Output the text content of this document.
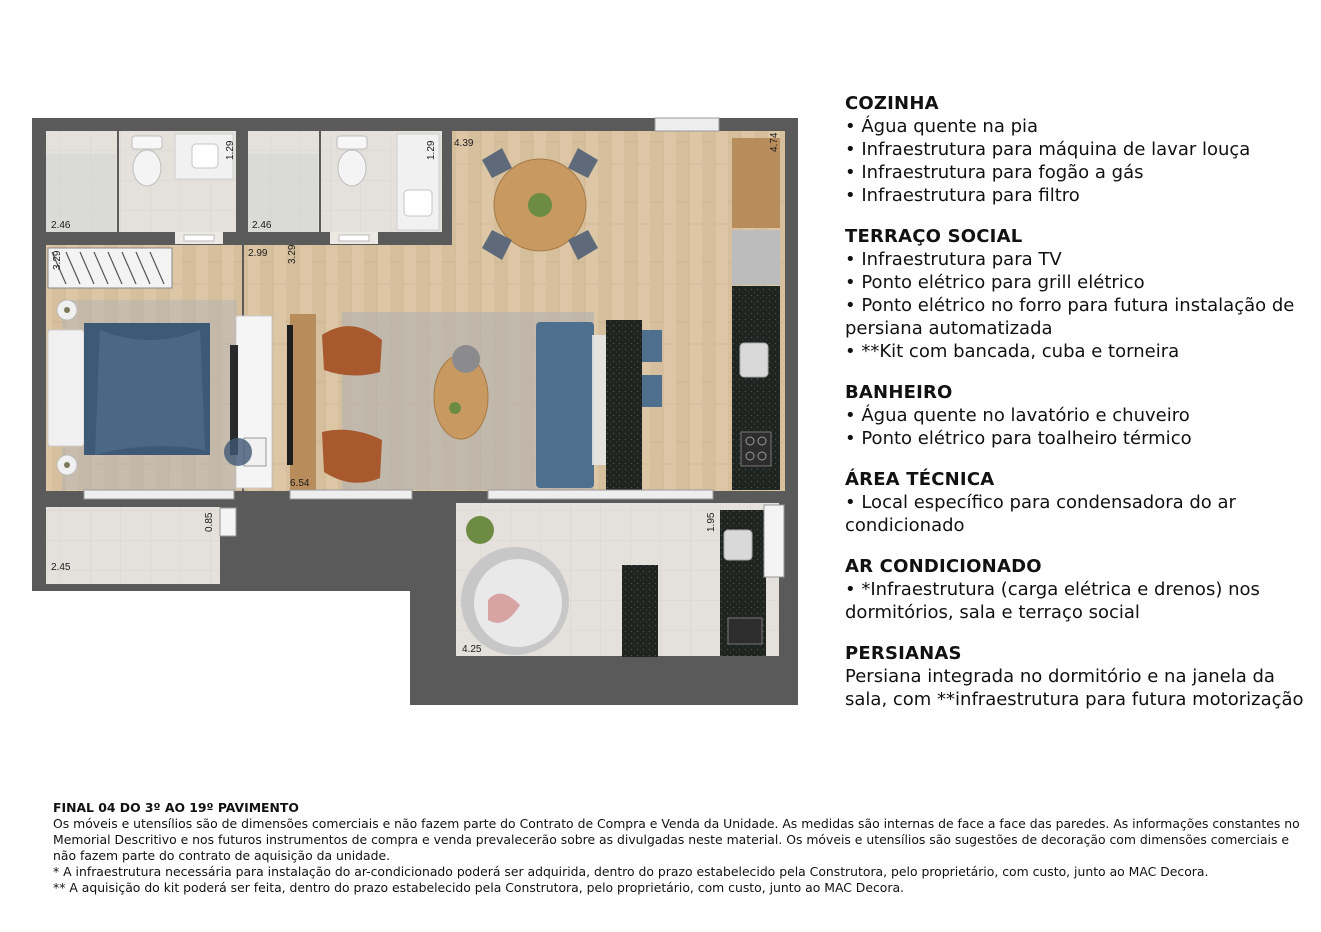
1.29	1.29
2.46	2.46
4.39	4.74
2.99 3.29
3.29
6.54
0.85
2.45
1.95
4.25
COZINHA
• Água quente na pia
• Infraestrutura para máquina de lavar louça
• Infraestrutura para fogão a gás
• Infraestrutura para filtro
TERRAÇO SOCIAL
• Infraestrutura para TV
• Ponto elétrico para grill elétrico
• Ponto elétrico no forro para futura instalação de persiana automatizada
• **Kit com bancada, cuba e torneira
BANHEIRO
• Água quente no lavatório e chuveiro
• Ponto elétrico para toalheiro térmico
ÁREA TÉCNICA
• Local específico para condensadora do ar condicionado
AR CONDICIONADO
• *Infraestrutura (carga elétrica e drenos) nos dormitórios, sala e terraço social
PERSIANAS
Persiana integrada no dormitório e na janela da sala, com **infraestrutura para futura motorização
FINAL 04 DO 3º AO 19º PAVIMENTO
Os móveis e utensílios são de dimensões comerciais e não fazem parte do Contrato de Compra e Venda da Unidade. As medidas são internas de face a face das paredes. As informações constantes no Memorial Descritivo e nos futuros instrumentos de compra e venda prevalecerão sobre as divulgadas neste material. Os móveis e utensílios são sugestões de decoração com dimensões comerciais e não fazem parte do contrato de aquisição da unidade.
* A infraestrutura necessária para instalação do ar-condicionado poderá ser adquirida, dentro do prazo estabelecido pela Construtora, pelo proprietário, com custo, junto ao MAC Decora.
** A aquisição do kit poderá ser feita, dentro do prazo estabelecido pela Construtora, pelo proprietário, com custo, junto ao MAC Decora.
